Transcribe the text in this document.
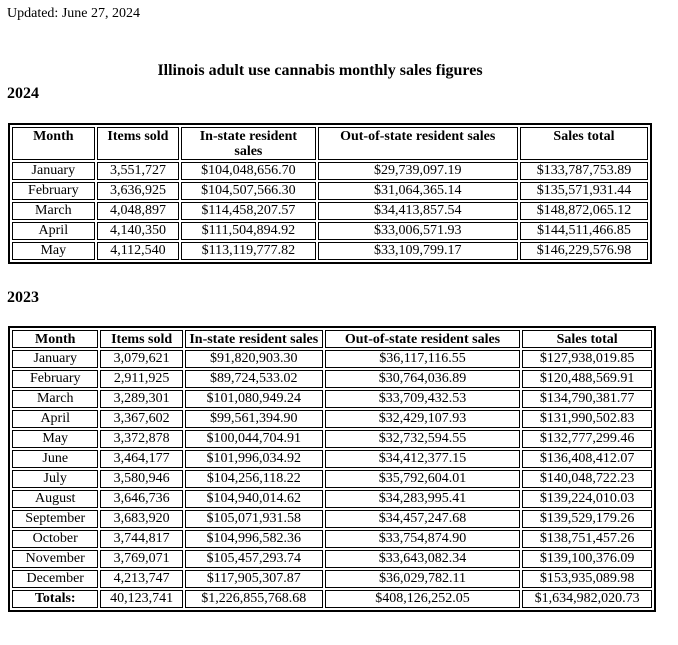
Updated: June 27, 2024
Illinois adult use cannabis monthly sales figures
2024
Month	Items sold	In-state resident sales	Out-of-state resident sales	Sales total
January	3,551,727	$104,048,656.70	$29,739,097.19	$133,787,753.89
February	3,636,925	$104,507,566.30	$31,064,365.14	$135,571,931.44
March	4,048,897	$114,458,207.57	$34,413,857.54	$148,872,065.12
April	4,140,350	$111,504,894.92	$33,006,571.93	$144,511,466.85
May	4,112,540	$113,119,777.82	$33,109,799.17	$146,229,576.98
2023
Month	Items sold	In-state resident sales	Out-of-state resident sales	Sales total
January	3,079,621	$91,820,903.30	$36,117,116.55	$127,938,019.85
February	2,911,925	$89,724,533.02	$30,764,036.89	$120,488,569.91
March	3,289,301	$101,080,949.24	$33,709,432.53	$134,790,381.77
April	3,367,602	$99,561,394.90	$32,429,107.93	$131,990,502.83
May	3,372,878	$100,044,704.91	$32,732,594.55	$132,777,299.46
June	3,464,177	$101,996,034.92	$34,412,377.15	$136,408,412.07
July	3,580,946	$104,256,118.22	$35,792,604.01	$140,048,722.23
August	3,646,736	$104,940,014.62	$34,283,995.41	$139,224,010.03
September	3,683,920	$105,071,931.58	$34,457,247.68	$139,529,179.26
October	3,744,817	$104,996,582.36	$33,754,874.90	$138,751,457.26
November	3,769,071	$105,457,293.74	$33,643,082.34	$139,100,376.09
December	4,213,747	$117,905,307.87	$36,029,782.11	$153,935,089.98
Totals:	40,123,741	$1,226,855,768.68	$408,126,252.05	$1,634,982,020.73
